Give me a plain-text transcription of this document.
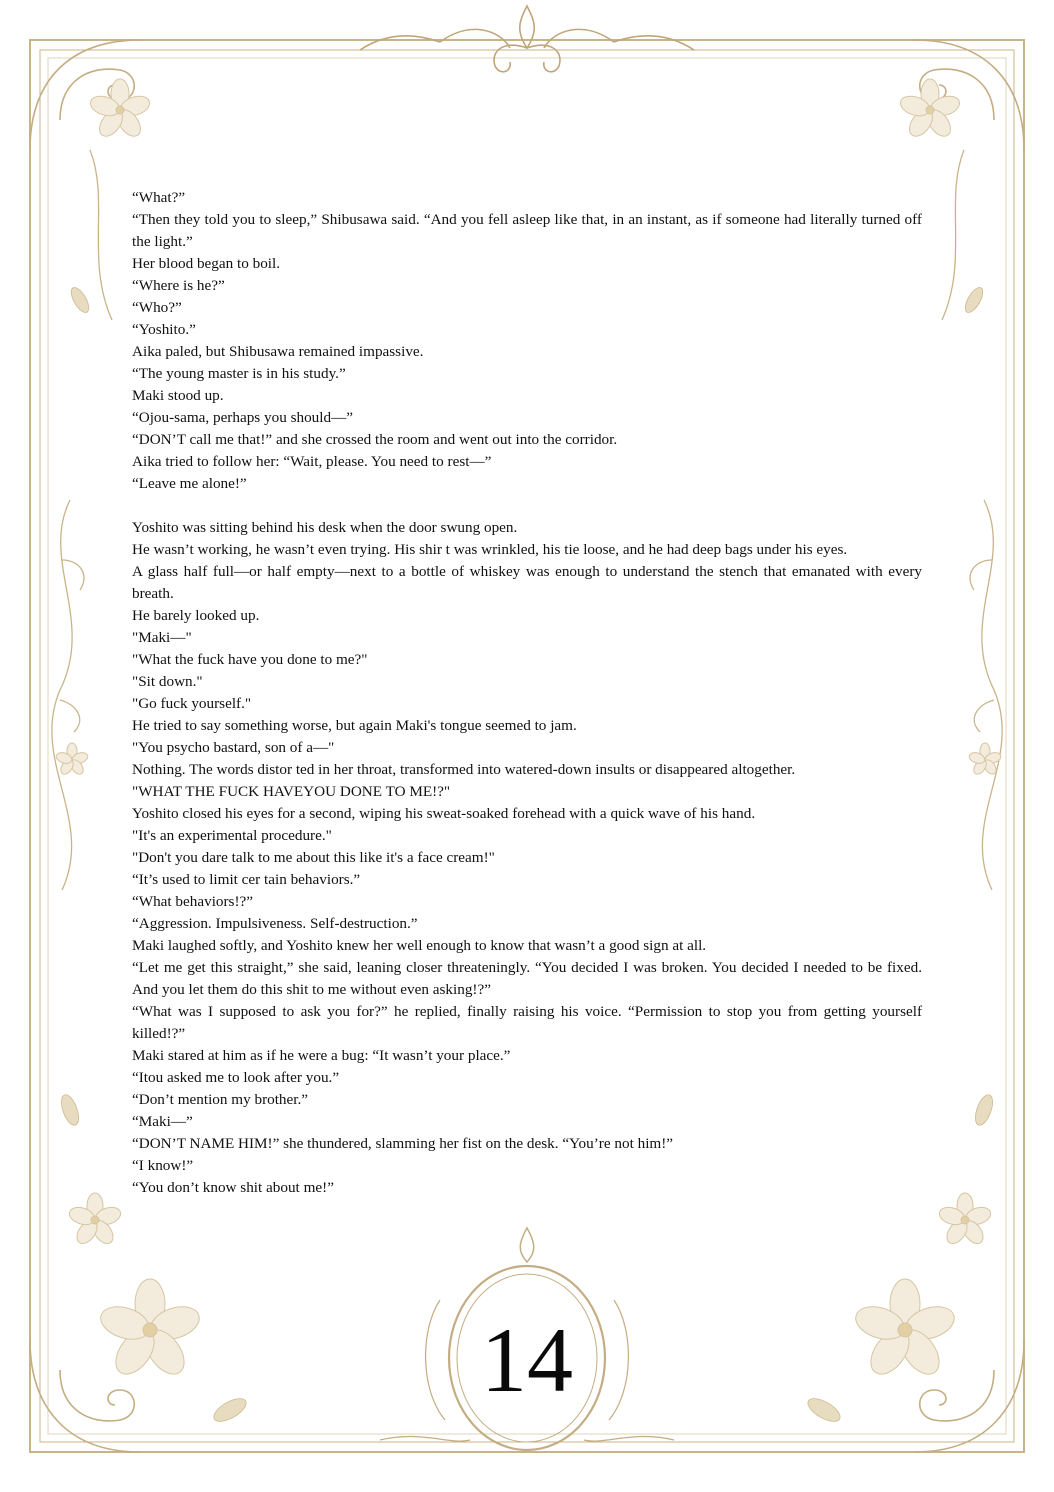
“What?”

“Then they told you to sleep,” Shibusawa said. “And you fell asleep like that, in an instant, as if someone had literally turned off the light.”

Her blood began to boil.

“Where is he?”

“Who?”

“Yoshito.”

Aika paled, but Shibusawa remained impassive.

“The young master is in his study.”

Maki stood up.

“Ojou-sama, perhaps you should—”

“DON’T call me that!” and she crossed the room and went out into the corridor.

Aika tried to follow her: “Wait, please. You need to rest—”

“Leave me alone!”

Yoshito was sitting behind his desk when the door swung open.

He wasn’t working, he wasn’t even trying. His shir t was wrinkled, his tie loose, and he had deep bags under his eyes.

A glass half full—or half empty—next to a bottle of whiskey was enough to understand the stench that emanated with every breath.

He barely looked up.

"Maki—"

"What the fuck have you done to me?"

"Sit down."

"Go fuck yourself."

He tried to say something worse, but again Maki's tongue seemed to jam.

"You psycho bastard, son of a—"

Nothing. The words distor ted in her throat, transformed into watered-down insults or disappeared altogether.

"WHAT THE FUCK HAVEYOU DONE TO ME!?"

Yoshito closed his eyes for a second, wiping his sweat-soaked forehead with a quick wave of his hand.

"It's an experimental procedure."

"Don't you dare talk to me about this like it's a face cream!"

“It’s used to limit cer tain behaviors.”

“What behaviors!?”

“Aggression. Impulsiveness. Self-destruction.”

Maki laughed softly, and Yoshito knew her well enough to know that wasn’t a good sign at all.

“Let me get this straight,” she said, leaning closer threateningly. “You decided I was broken. You decided I needed to be fixed. And you let them do this shit to me without even asking!?”

“What was I supposed to ask you for?” he replied, finally raising his voice. “Permission to stop you from getting yourself killed!?”

Maki stared at him as if he were a bug: “It wasn’t your place.”

“Itou asked me to look after you.”

“Don’t mention my brother.”

“Maki—”

“DON’T NAME HIM!” she thundered, slamming her fist on the desk. “You’re not him!”

“I know!”

“You don’t know shit about me!”

14
